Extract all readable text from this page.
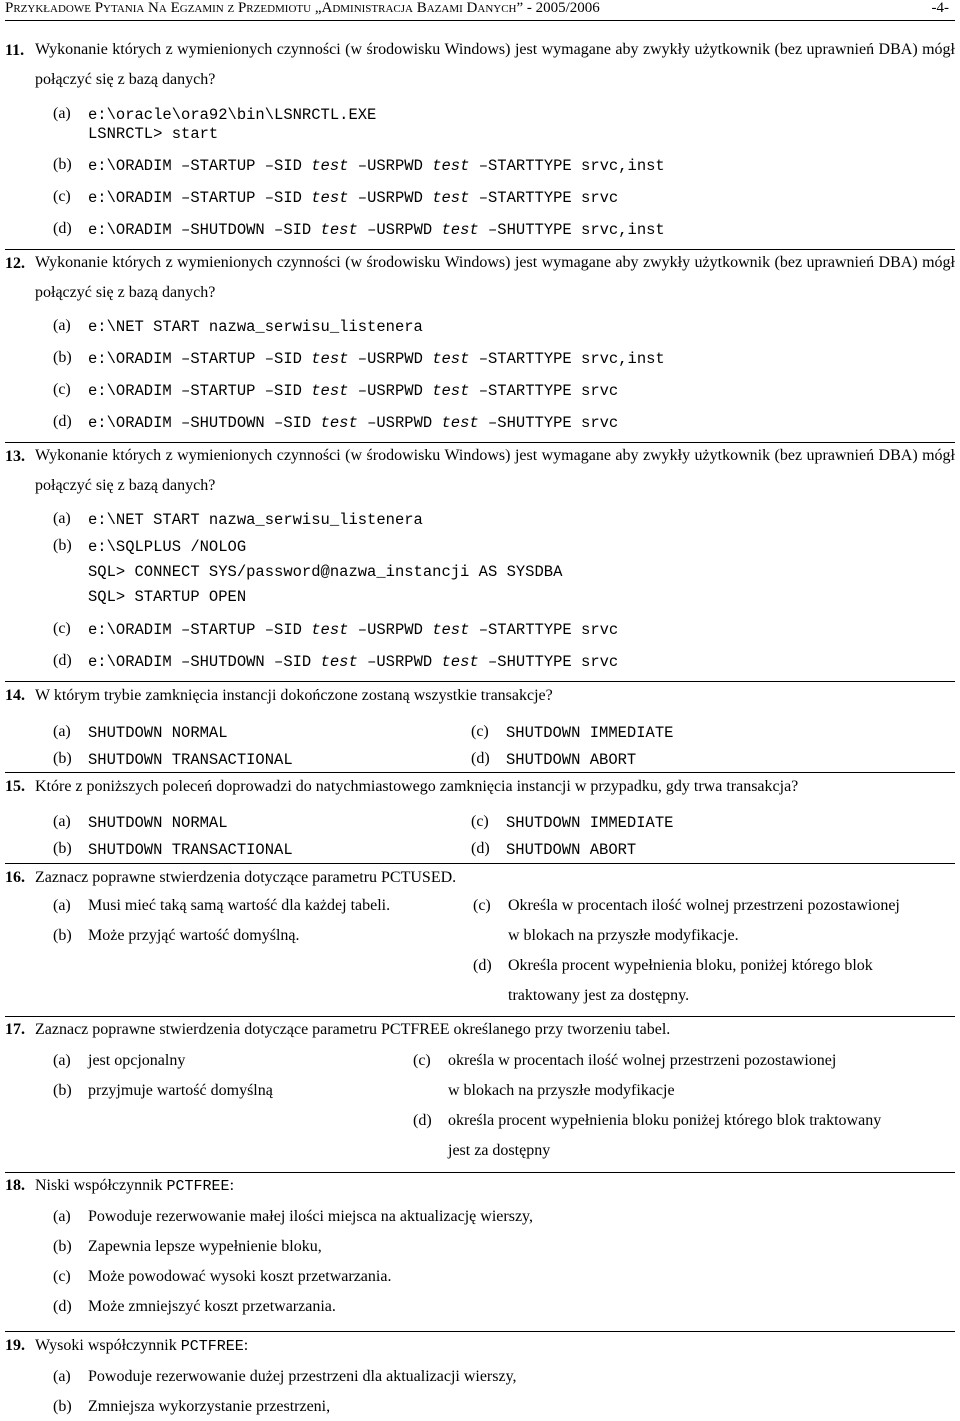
Przykładowe Pytania Na Egzamin z Przedmiotu „Administracja Bazami Danych” - 2005/2006	-4-
11. Wykonanie których z wymienionych czynności (w środowisku Windows) jest wymagane aby zwykły użytkownik (bez uprawnień DBA) mógł połączyć się z bazą danych?
(a) e:\oracle\ora92\bin\LSNRCTL.EXE
LSNRCTL> start
(b) e:\ORADIM –STARTUP –SID test –USRPWD test –STARTTYPE srvc,inst
(c) e:\ORADIM –STARTUP –SID test –USRPWD test –STARTTYPE srvc
(d) e:\ORADIM –SHUTDOWN –SID test –USRPWD test –SHUTTYPE srvc,inst
12. Wykonanie których z wymienionych czynności (w środowisku Windows) jest wymagane aby zwykły użytkownik (bez uprawnień DBA) mógł połączyć się z bazą danych?
(a) e:\NET START nazwa_serwisu_listenera
(b) e:\ORADIM –STARTUP –SID test –USRPWD test –STARTTYPE srvc,inst
(c) e:\ORADIM –STARTUP –SID test –USRPWD test –STARTTYPE srvc
(d) e:\ORADIM –SHUTDOWN –SID test –USRPWD test –SHUTTYPE srvc
13. Wykonanie których z wymienionych czynności (w środowisku Windows) jest wymagane aby zwykły użytkownik (bez uprawnień DBA) mógł połączyć się z bazą danych?
(a) e:\NET START nazwa_serwisu_listenera
(b) e:\SQLPLUS /NOLOG
SQL> CONNECT SYS/password@nazwa_instancji AS SYSDBA
SQL> STARTUP OPEN
(c) e:\ORADIM –STARTUP –SID test –USRPWD test –STARTTYPE srvc
(d) e:\ORADIM –SHUTDOWN –SID test –USRPWD test –SHUTTYPE srvc
14. W którym trybie zamknięcia instancji dokończone zostaną wszystkie transakcje?
(a) SHUTDOWN NORMAL	(c) SHUTDOWN IMMEDIATE
(b) SHUTDOWN TRANSACTIONAL	(d) SHUTDOWN ABORT
15. Które z poniższych poleceń doprowadzi do natychmiastowego zamknięcia instancji w przypadku, gdy trwa transakcja?
(a) SHUTDOWN NORMAL	(c) SHUTDOWN IMMEDIATE
(b) SHUTDOWN TRANSACTIONAL	(d) SHUTDOWN ABORT
16. Zaznacz poprawne stwierdzenia dotyczące parametru PCTUSED.
(a) Musi mieć taką samą wartość dla każdej tabeli.
(b) Może przyjąć wartość domyślną.
(c) Określa w procentach ilość wolnej przestrzeni pozostawionej
w blokach na przyszłe modyfikacje.
(d) Określa procent wypełnienia bloku, poniżej którego blok
traktowany jest za dostępny.
17. Zaznacz poprawne stwierdzenia dotyczące parametru PCTFREE określanego przy tworzeniu tabel.
(a) jest opcjonalny
(b) przyjmuje wartość domyślną
(c) określa w procentach ilość wolnej przestrzeni pozostawionej
w blokach na przyszłe modyfikacje
(d) określa procent wypełnienia bloku poniżej którego blok traktowany
jest za dostępny
18. Niski współczynnik PCTFREE:
(a) Powoduje rezerwowanie małej ilości miejsca na aktualizację wierszy,
(b) Zapewnia lepsze wypełnienie bloku,
(c) Może powodować wysoki koszt przetwarzania.
(d) Może zmniejszyć koszt przetwarzania.
19. Wysoki współczynnik PCTFREE:
(a) Powoduje rezerwowanie dużej przestrzeni dla aktualizacji wierszy,
(b) Zmniejsza wykorzystanie przestrzeni,
